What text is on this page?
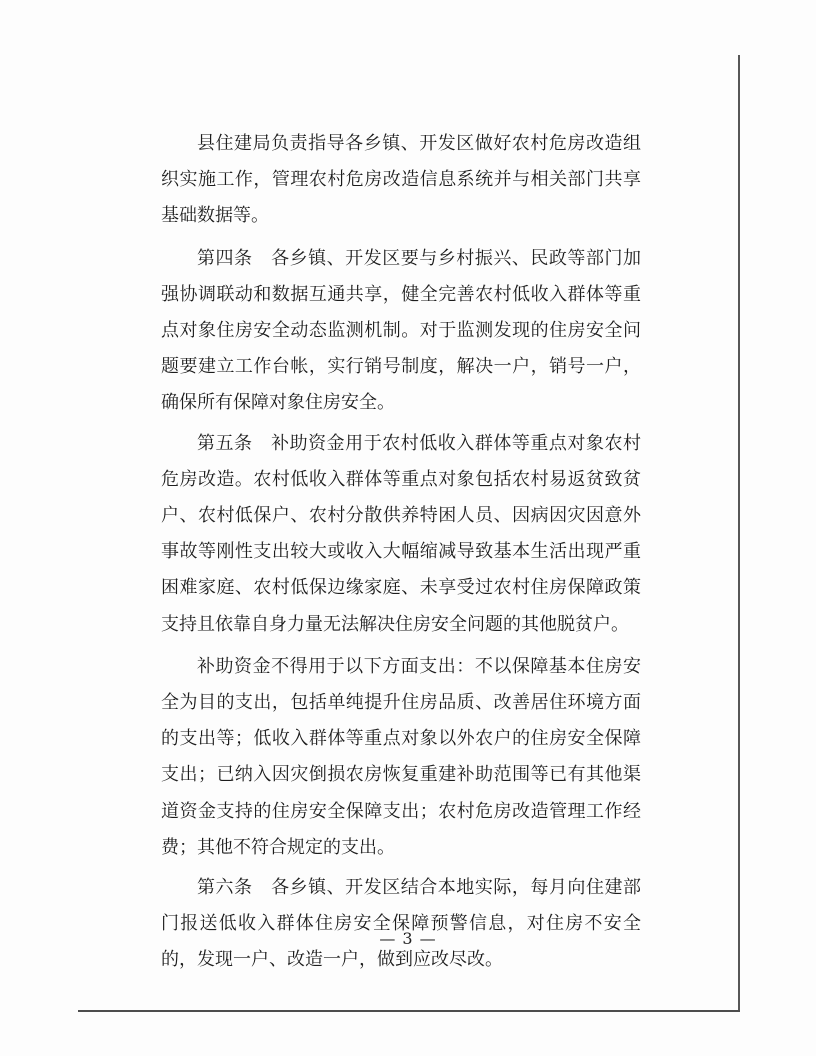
县住建局负责指导各乡镇、开发区做好农村危房改造组织实施工作，管理农村危房改造信息系统并与相关部门共享基础数据等。

第四条　各乡镇、开发区要与乡村振兴、民政等部门加强协调联动和数据互通共享，健全完善农村低收入群体等重点对象住房安全动态监测机制。对于监测发现的住房安全问题要建立工作台帐，实行销号制度，解决一户，销号一户，确保所有保障对象住房安全。

第五条　补助资金用于农村低收入群体等重点对象农村危房改造。农村低收入群体等重点对象包括农村易返贫致贫户、农村低保户、农村分散供养特困人员、因病因灾因意外事故等刚性支出较大或收入大幅缩减导致基本生活出现严重困难家庭、农村低保边缘家庭、未享受过农村住房保障政策支持且依靠自身力量无法解决住房安全问题的其他脱贫户。

补助资金不得用于以下方面支出：不以保障基本住房安全为目的支出，包括单纯提升住房品质、改善居住环境方面的支出等；低收入群体等重点对象以外农户的住房安全保障支出；已纳入因灾倒损农房恢复重建补助范围等已有其他渠道资金支持的住房安全保障支出；农村危房改造管理工作经费；其他不符合规定的支出。

第六条　各乡镇、开发区结合本地实际，每月向住建部门报送低收入群体住房安全保障预警信息，对住房不安全的，发现一户、改造一户，做到应改尽改。

— 3 —
